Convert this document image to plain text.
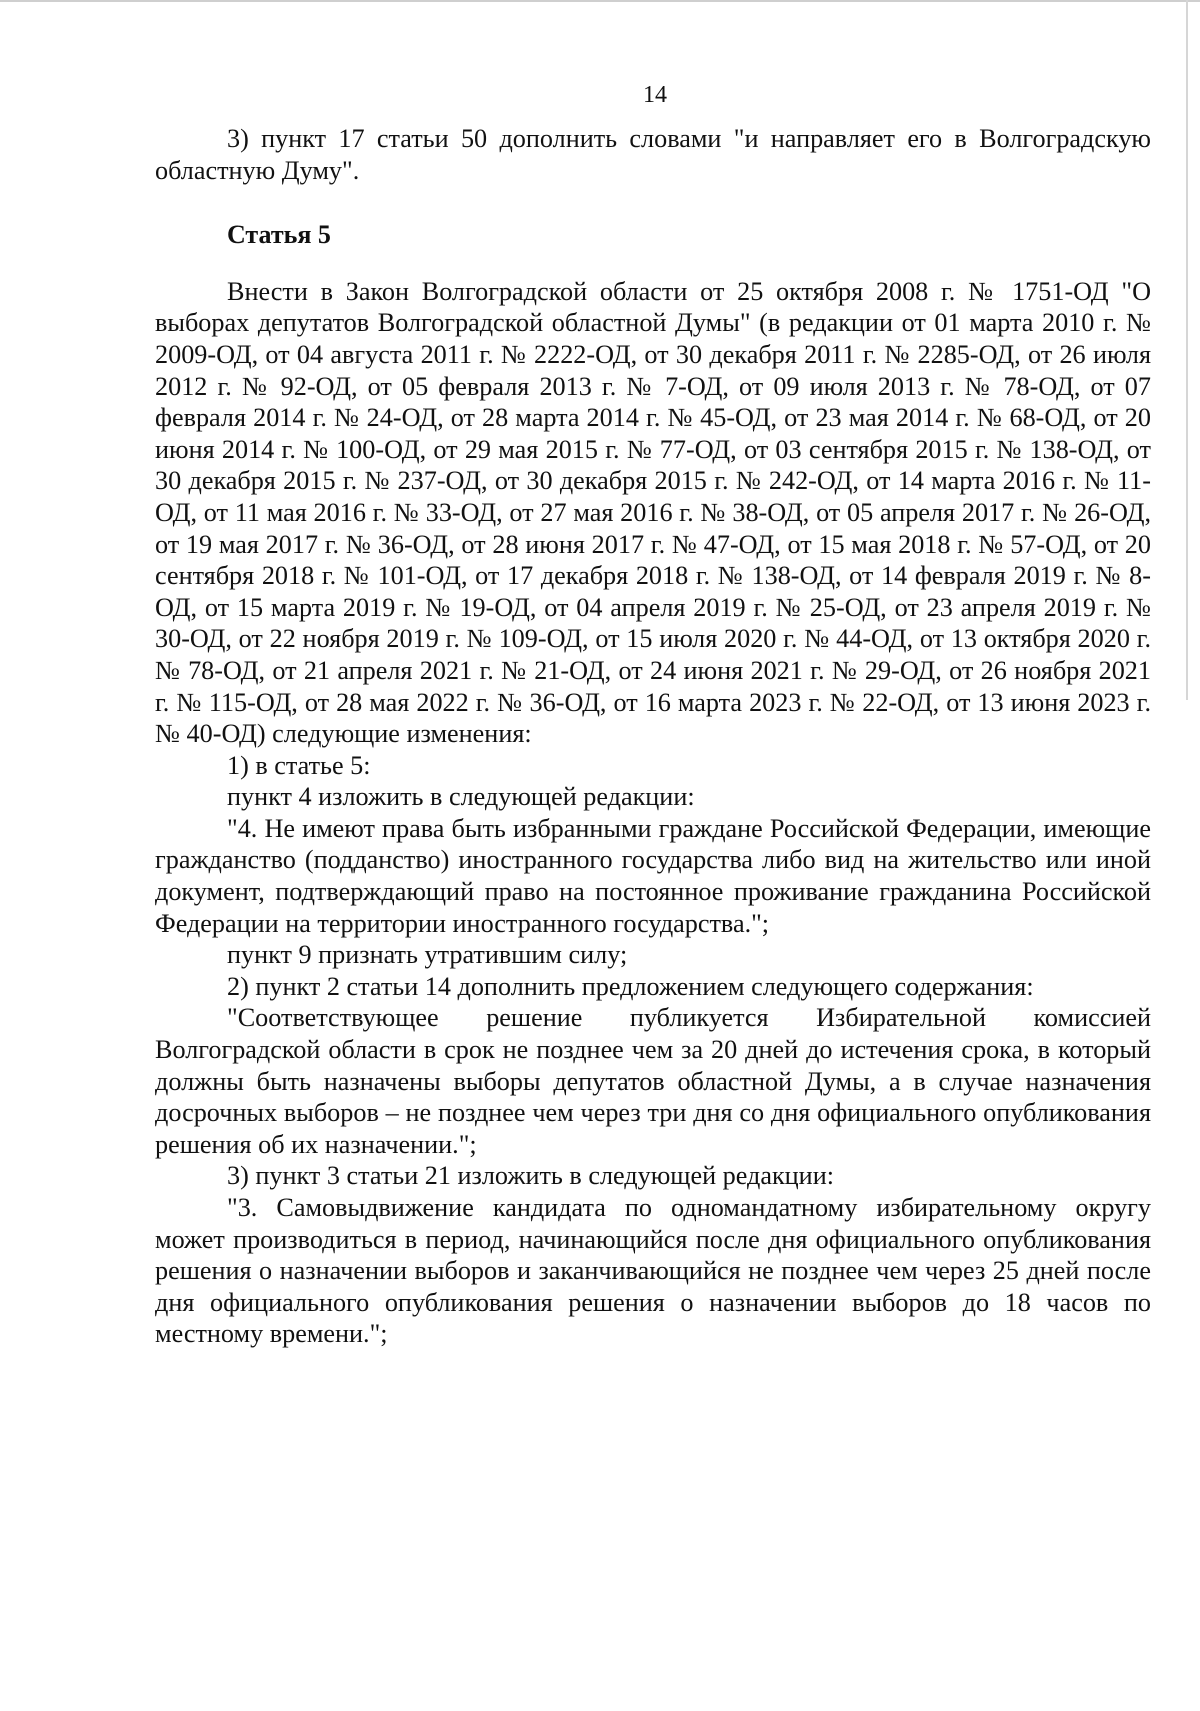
14

3) пункт 17 статьи 50 дополнить словами "и направляет его в Волгоградскую областную Думу".

Статья 5

Внести в Закон Волгоградской области от 25 октября 2008 г. № 1751-ОД "О выборах депутатов Волгоградской областной Думы" (в редакции от 01 марта 2010 г. № 2009-ОД, от 04 августа 2011 г. № 2222-ОД, от 30 декабря 2011 г. № 2285-ОД, от 26 июля 2012 г. № 92-ОД, от 05 февраля 2013 г. № 7-ОД, от 09 июля 2013 г. № 78-ОД, от 07 февраля 2014 г. № 24-ОД, от 28 марта 2014 г. № 45-ОД, от 23 мая 2014 г. № 68-ОД, от 20 июня 2014 г. № 100-ОД, от 29 мая 2015 г. № 77-ОД, от 03 сентября 2015 г. № 138-ОД, от 30 декабря 2015 г. № 237-ОД, от 30 декабря 2015 г. № 242-ОД, от 14 марта 2016 г. № 11-ОД, от 11 мая 2016 г. № 33-ОД, от 27 мая 2016 г. № 38-ОД, от 05 апреля 2017 г. № 26-ОД, от 19 мая 2017 г. № 36-ОД, от 28 июня 2017 г. № 47-ОД, от 15 мая 2018 г. № 57-ОД, от 20 сентября 2018 г. № 101-ОД, от 17 декабря 2018 г. № 138-ОД, от 14 февраля 2019 г. № 8-ОД, от 15 марта 2019 г. № 19-ОД, от 04 апреля 2019 г. № 25-ОД, от 23 апреля 2019 г. № 30-ОД, от 22 ноября 2019 г. № 109-ОД, от 15 июля 2020 г. № 44-ОД, от 13 октября 2020 г. № 78-ОД, от 21 апреля 2021 г. № 21-ОД, от 24 июня 2021 г. № 29-ОД, от 26 ноября 2021 г. № 115-ОД, от 28 мая 2022 г. № 36-ОД, от 16 марта 2023 г. № 22-ОД, от 13 июня 2023 г. № 40-ОД) следующие изменения:

1) в статье 5:

пункт 4 изложить в следующей редакции:

"4. Не имеют права быть избранными граждане Российской Федерации, имеющие гражданство (подданство) иностранного государства либо вид на жительство или иной документ, подтверждающий право на постоянное проживание гражданина Российской Федерации на территории иностранного государства.";

пункт 9 признать утратившим силу;

2) пункт 2 статьи 14 дополнить предложением следующего содержания:

"Соответствующее решение публикуется Избирательной комиссией Волгоградской области в срок не позднее чем за 20 дней до истечения срока, в который должны быть назначены выборы депутатов областной Думы, а в случае назначения досрочных выборов – не позднее чем через три дня со дня официального опубликования решения об их назначении.";

3) пункт 3 статьи 21 изложить в следующей редакции:

"3. Самовыдвижение кандидата по одномандатному избирательному округу может производиться в период, начинающийся после дня официального опубликования решения о назначении выборов и заканчивающийся не позднее чем через 25 дней после дня официального опубликования решения о назначении выборов до 18 часов по местному времени.";
